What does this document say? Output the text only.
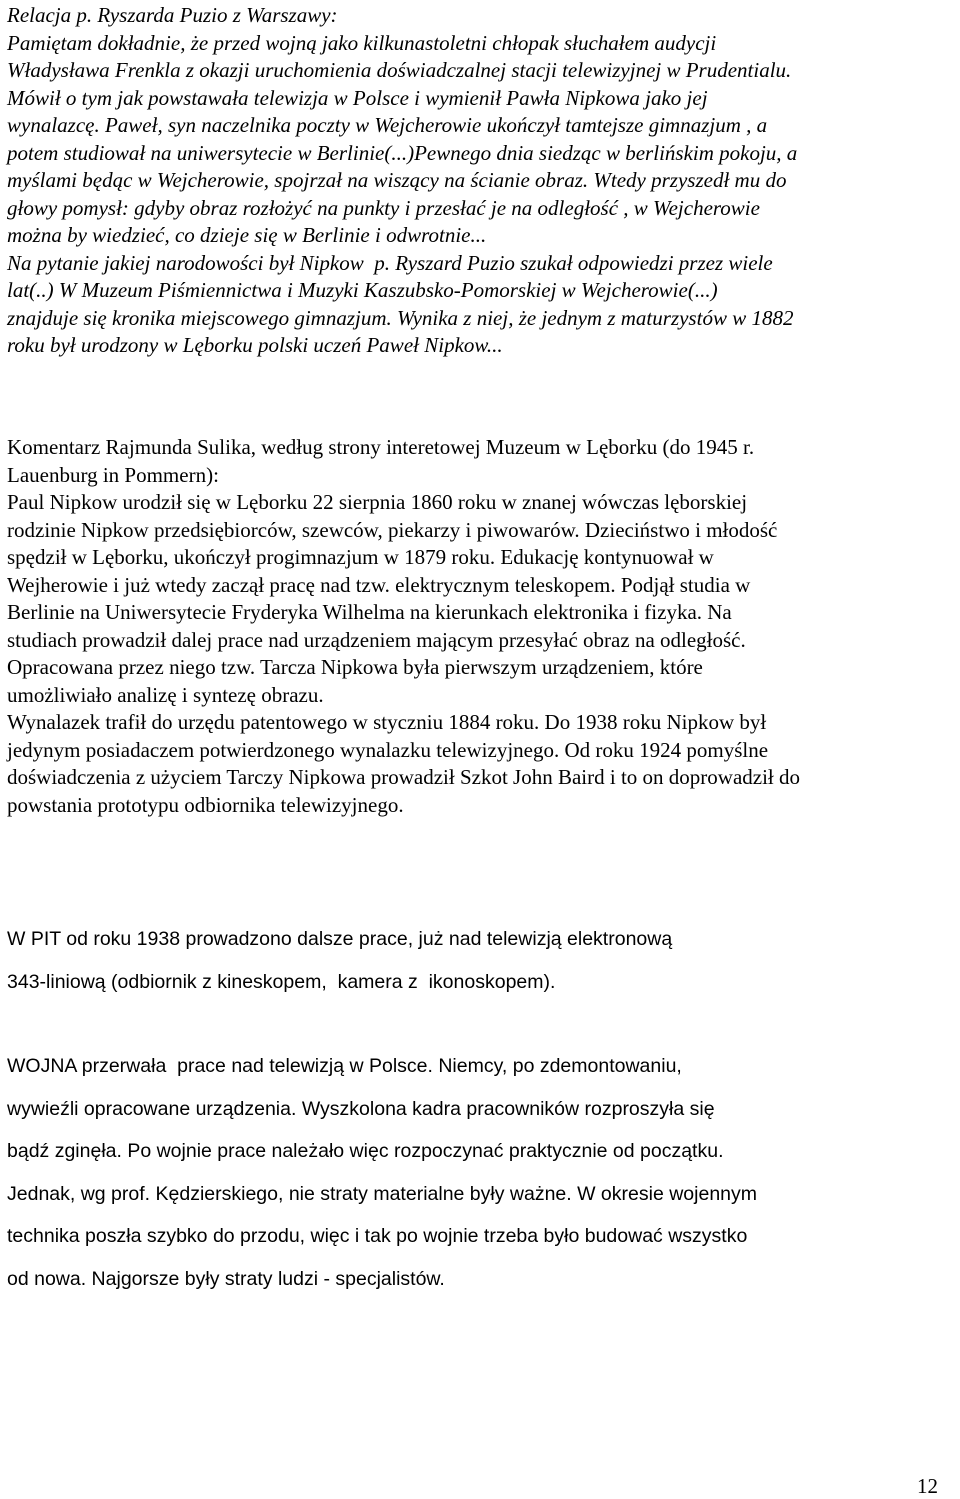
Relacja p. Ryszarda Puzio z Warszawy:

Pamiętam dokładnie, że przed wojną jako kilkunastoletni chłopak słuchałem audycji

Władysława Frenkla z okazji uruchomienia doświadczalnej stacji telewizyjnej w Prudentialu.

Mówił o tym jak powstawała telewizja w Polsce i wymienił Pawła Nipkowa jako jej

wynalazcę. Paweł, syn naczelnika poczty w Wejcherowie ukończył tamtejsze gimnazjum , a

potem studiował na uniwersytecie w Berlinie(...)Pewnego dnia siedząc w berlińskim pokoju, a

myślami będąc w Wejcherowie, spojrzał na wiszący na ścianie obraz. Wtedy przyszedł mu do

głowy pomysł: gdyby obraz rozłożyć na punkty i przesłać je na odległość , w Wejcherowie

można by wiedzieć, co dzieje się w Berlinie i odwrotnie...

Na pytanie jakiej narodowości był Nipkow  p. Ryszard Puzio szukał odpowiedzi przez wiele

lat(..) W Muzeum Piśmiennictwa i Muzyki Kaszubsko-Pomorskiej w Wejcherowie(...)

znajduje się kronika miejscowego gimnazjum. Wynika z niej, że jednym z maturzystów w 1882

roku był urodzony w Lęborku polski uczeń Paweł Nipkow...

Komentarz Rajmunda Sulika, według strony interetowej Muzeum w Lęborku (do 1945 r.

Lauenburg in Pommern):

Paul Nipkow urodził się w Lęborku 22 sierpnia 1860 roku w znanej wówczas lęborskiej

rodzinie Nipkow przedsiębiorców, szewców, piekarzy i piwowarów. Dzieciństwo i młodość

spędził w Lęborku, ukończył progimnazjum w 1879 roku. Edukację kontynuował w

Wejherowie i już wtedy zaczął pracę nad tzw. elektrycznym teleskopem. Podjął studia w

Berlinie na Uniwersytecie Fryderyka Wilhelma na kierunkach elektronika i fizyka. Na

studiach prowadził dalej prace nad urządzeniem mającym przesyłać obraz na odległość.

Opracowana przez niego tzw. Tarcza Nipkowa była pierwszym urządzeniem, które

umożliwiało analizę i syntezę obrazu.

Wynalazek trafił do urzędu patentowego w styczniu 1884 roku. Do 1938 roku Nipkow był

jedynym posiadaczem potwierdzonego wynalazku telewizyjnego. Od roku 1924 pomyślne

doświadczenia z użyciem Tarczy Nipkowa prowadził Szkot John Baird i to on doprowadził do

powstania prototypu odbiornika telewizyjnego.

W PIT od roku 1938 prowadzono dalsze prace, już nad telewizją elektronową

343-liniową (odbiornik z kineskopem,  kamera z  ikonoskopem).

WOJNA przerwała  prace nad telewizją w Polsce. Niemcy, po zdemontowaniu,

wywieźli opracowane urządzenia. Wyszkolona kadra pracowników rozproszyła się

bądź zginęła. Po wojnie prace należało więc rozpoczynać praktycznie od początku.

Jednak, wg prof. Kędzierskiego, nie straty materialne były ważne. W okresie wojennym

technika poszła szybko do przodu, więc i tak po wojnie trzeba było budować wszystko

od nowa. Najgorsze były straty ludzi - specjalistów.

12
